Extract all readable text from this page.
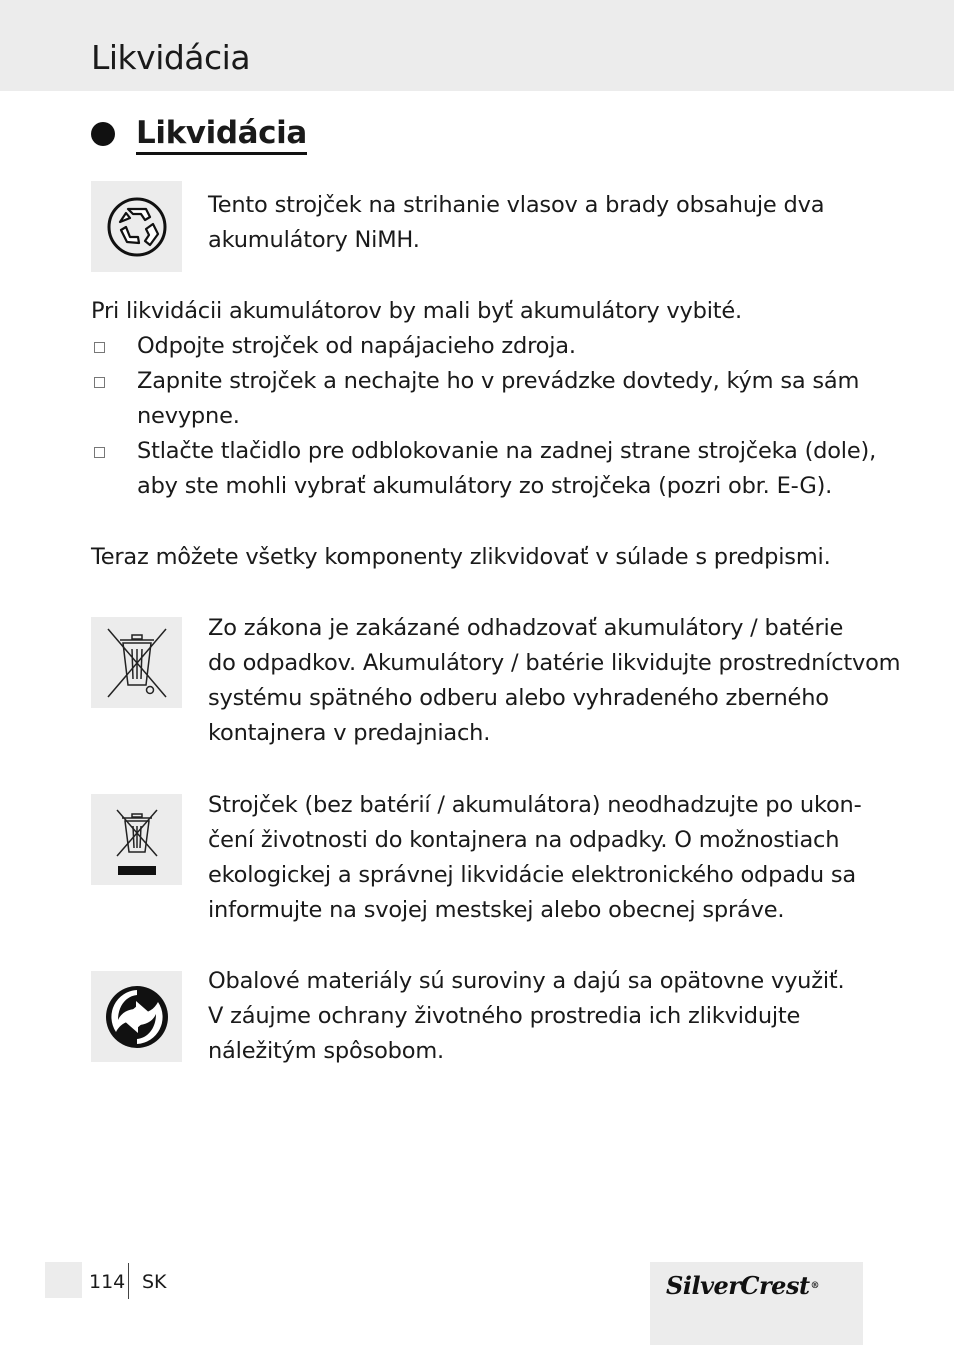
Likvidácia
Likvidácia
Tento strojček na strihanie vlasov a brady obsahuje dva
akumulátory NiMH.
Pri likvidácii akumulátorov by mali byť akumulátory vybité.
Odpojte strojček od napájacieho zdroja.
Zapnite strojček a nechajte ho v prevádzke dovtedy, kým sa sám
nevypne.
Stlačte tlačidlo pre odblokovanie na zadnej strane strojčeka (dole),
aby ste mohli vybrať akumulátory zo strojčeka (pozri obr. E-G).
Teraz môžete všetky komponenty zlikvidovať v súlade s predpismi.
Zo zákona je zakázané odhadzovať akumulátory / batérie
do odpadkov. Akumulátory / batérie likvidujte prostredníctvom
systému spätného odberu alebo vyhradeného zberného
kontajnera v predajniach.
Strojček (bez batérií / akumulátora) neodhadzujte po ukon-
čení životnosti do kontajnera na odpadky. O možnostiach
ekologickej a správnej likvidácie elektronického odpadu sa
informujte na svojej mestskej alebo obecnej správe.
Obalové materiály sú suroviny a dajú sa opätovne využiť.
V záujme ochrany životného prostredia ich zlikvidujte
náležitým spôsobom.
114 SK	SilverCrest®
